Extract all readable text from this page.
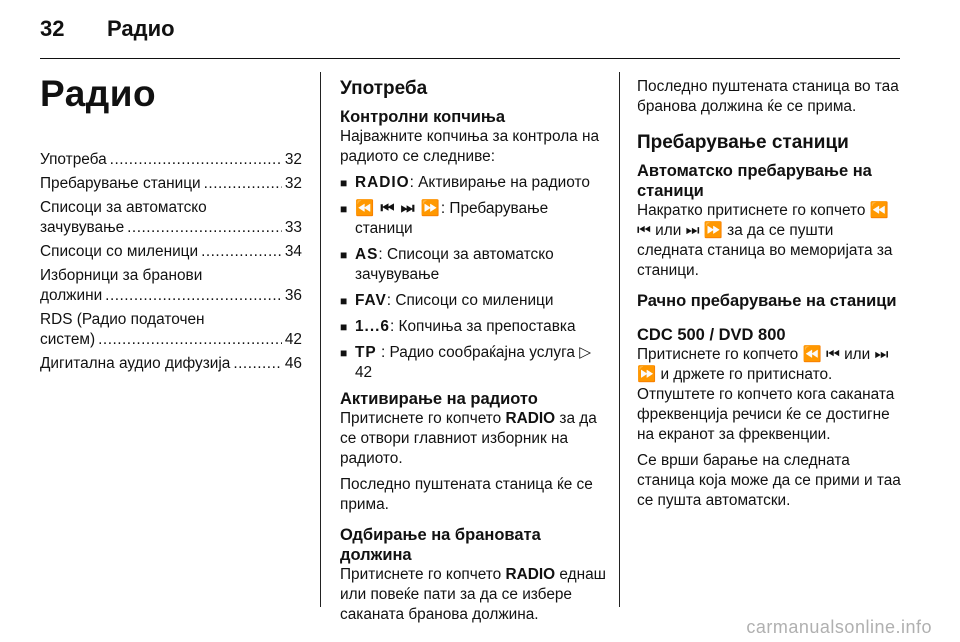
32 Радио
Радио
Употреба .....	32
Пребарување станици .....	32
Списоци за автоматско
зачувување .....	33
Списоци со миленици .....	34
Изборници за бранови
должини .....	36
RDS (Радио податочен
систем) .....	42
Дигитална аудио дифузија .....	46
Употреба
Контролни копчиња

Најважните копчиња за контрола на радиото се следниве:

■ RADIO: Активирање на радиото
■ ⏪ ⏮ ⏭ ⏩: Пребарување станици
■ AS: Списоци за автоматско зачувување
■ FAV: Списоци со миленици
■ 1...6: Копчиња за препоставка
■ TP : Радио сообраќајна услуга ▷ 42
Активирање на радиото

Притиснете го копчето RADIO за да се отвори главниот изборник на радиото.

Последно пуштената станица ќе се прима.

Одбирање на брановата должина

Притиснете го копчето RADIO еднаш или повеќе пати за да се избере саканата бранова должина.

Последно пуштената станица во таа бранова должина ќе се прима.

Пребарување станици
Автоматско пребарување на станици

Накратко притиснете го копчето ⏪ ⏮ или ⏭ ⏩ за да се пушти следната станица во меморијата за станици.

Рачно пребарување на станици
CDC 500 / DVD 800

Притиснете го копчето ⏪ ⏮ или ⏭ ⏩ и држете го притиснато. Отпуштете го копчето кога саканата фреквенција речиси ќе се достигне на екранот за фреквенции.

Се врши барање на следната станица која може да се прими и таа се пушта автоматски.

carmanualsonline.info
